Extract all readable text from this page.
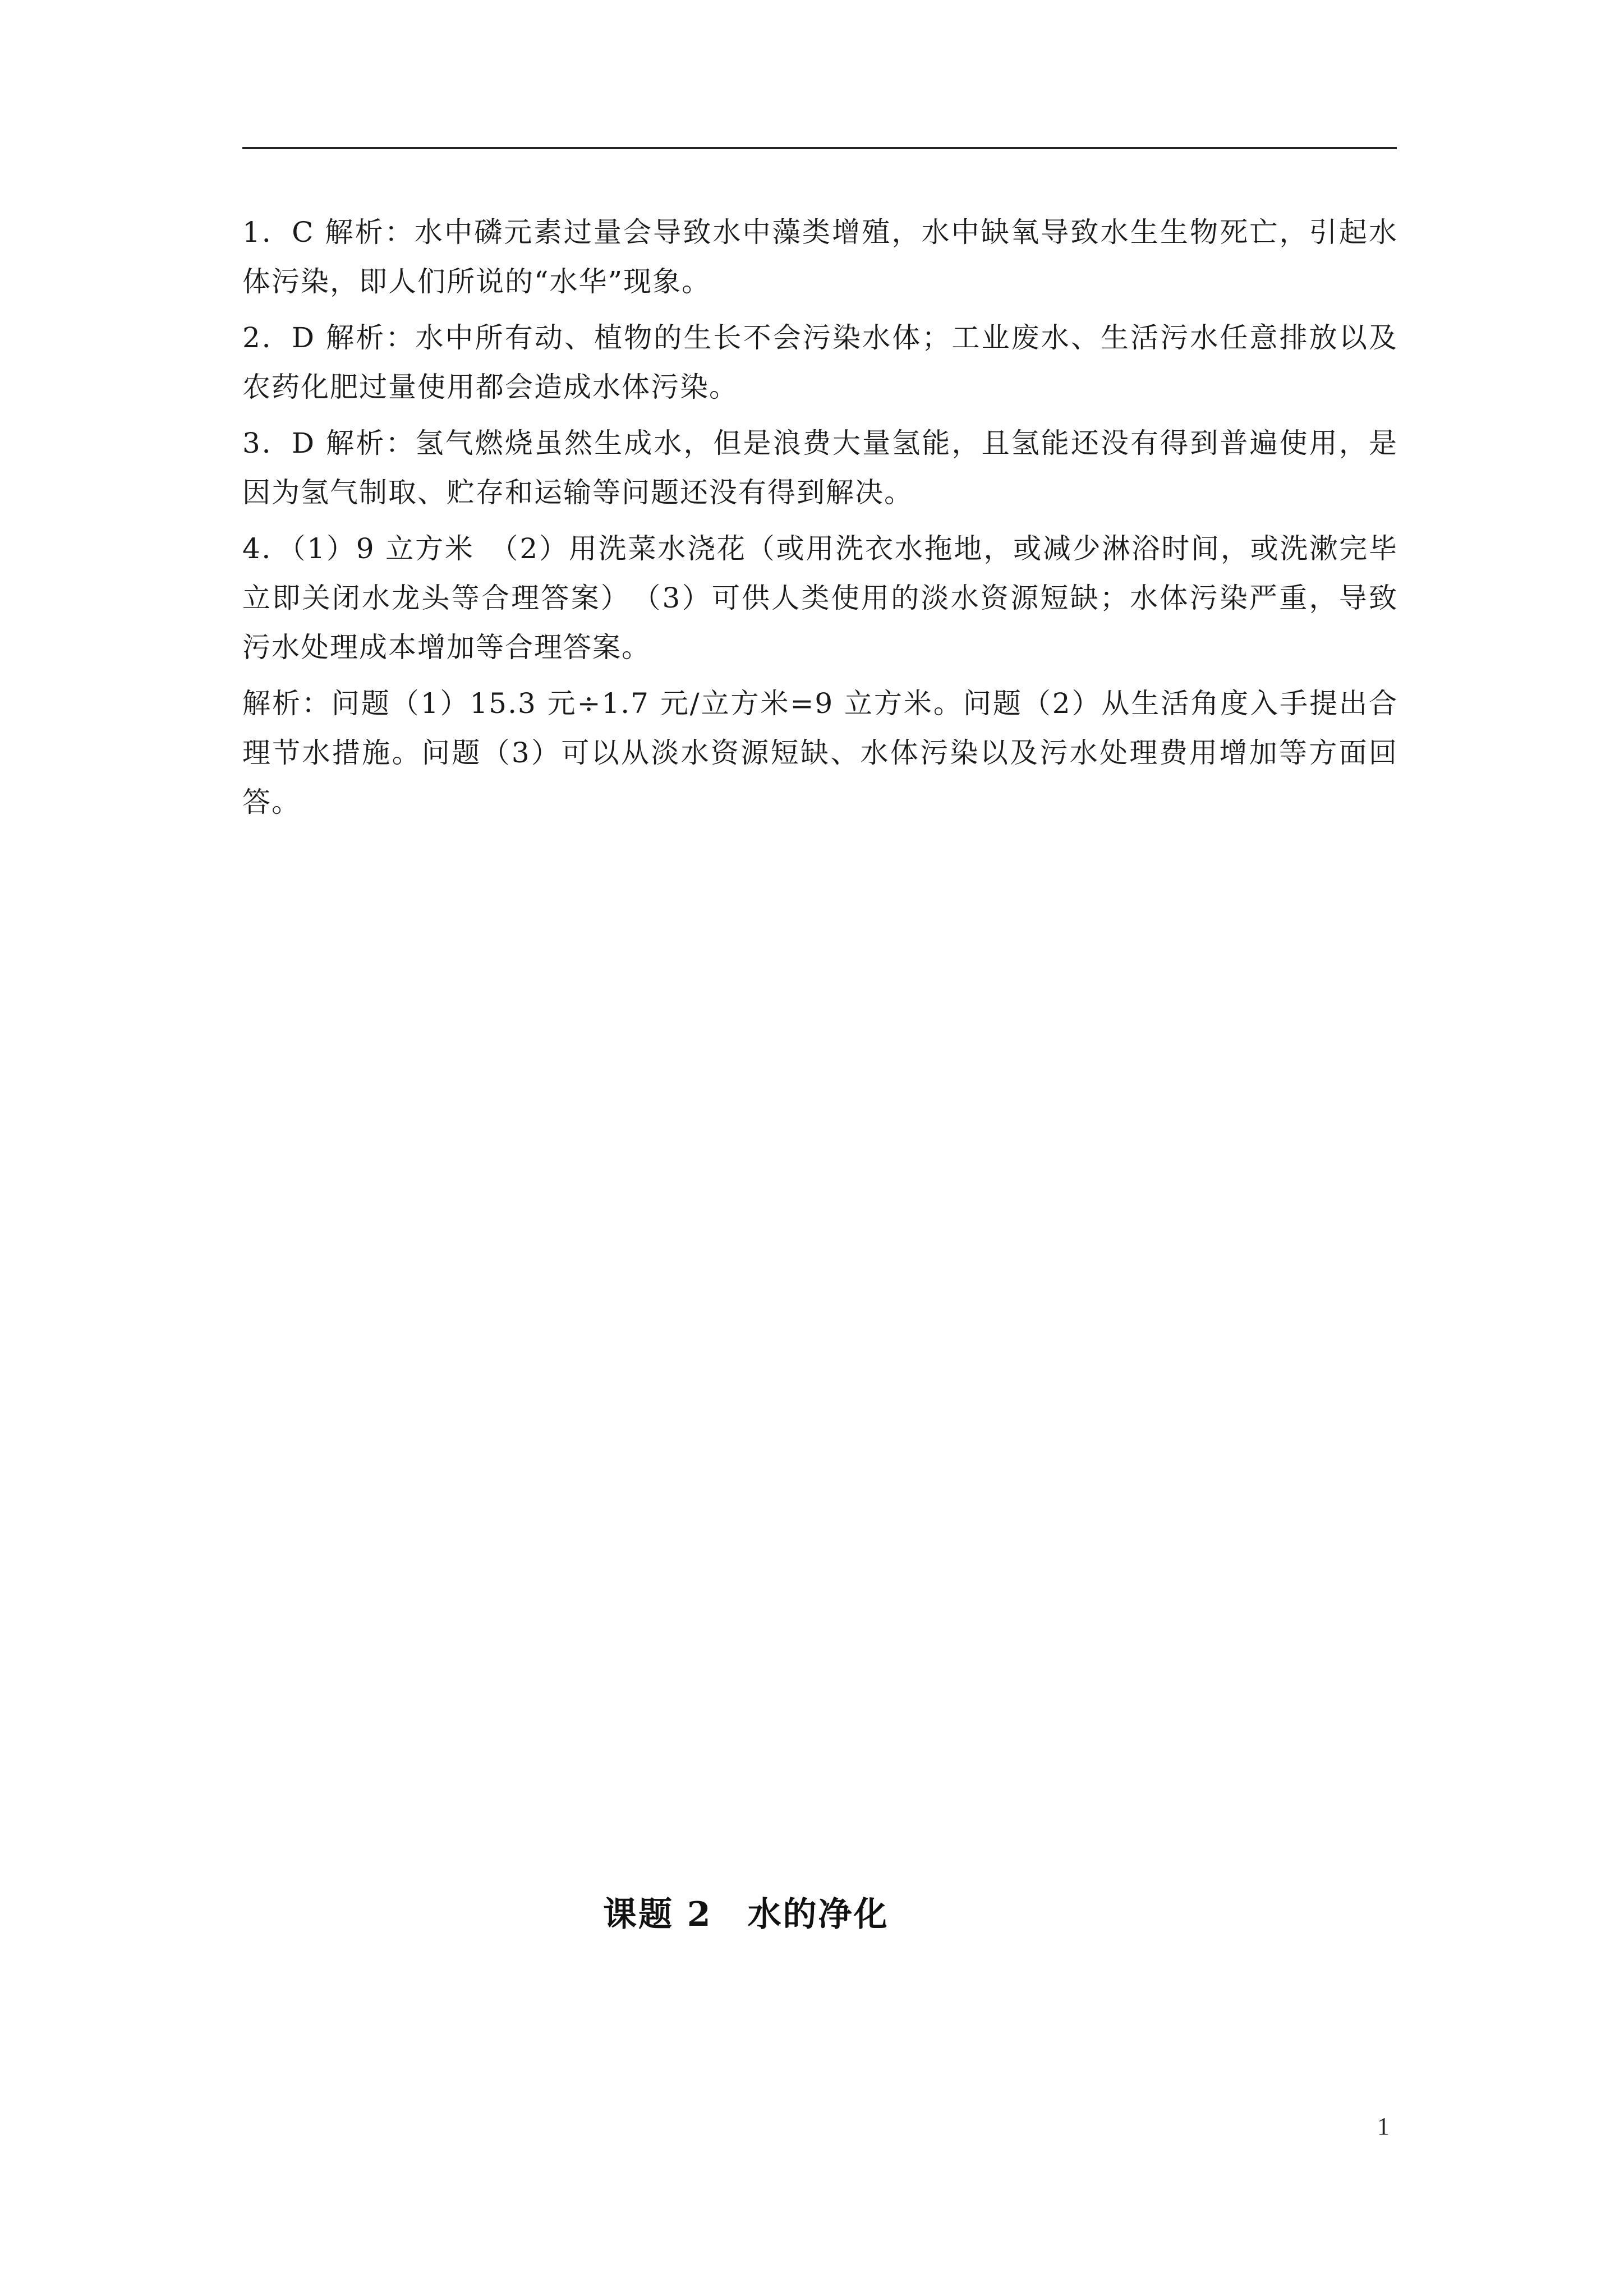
1．C 解析：水中磷元素过量会导致水中藻类增殖，水中缺氧导致水生生物死亡，引起水体污染，即人们所说的“水华”现象。

2．D 解析：水中所有动、植物的生长不会污染水体；工业废水、生活污水任意排放以及农药化肥过量使用都会造成水体污染。

3．D 解析：氢气燃烧虽然生成水，但是浪费大量氢能，且氢能还没有得到普遍使用，是因为氢气制取、贮存和运输等问题还没有得到解决。

4．（1）9 立方米　（2）用洗菜水浇花（或用洗衣水拖地，或减少淋浴时间，或洗漱完毕立即关闭水龙头等合理答案）　（3）可供人类使用的淡水资源短缺；水体污染严重，导致污水处理成本增加等合理答案。

解析：问题（1）15.3 元÷1.7 元/立方米=9 立方米。问题（2）从生活角度入手提出合理节水措施。问题（3）可以从淡水资源短缺、水体污染以及污水处理费用增加等方面回答。

课题 2　水的净化
1
